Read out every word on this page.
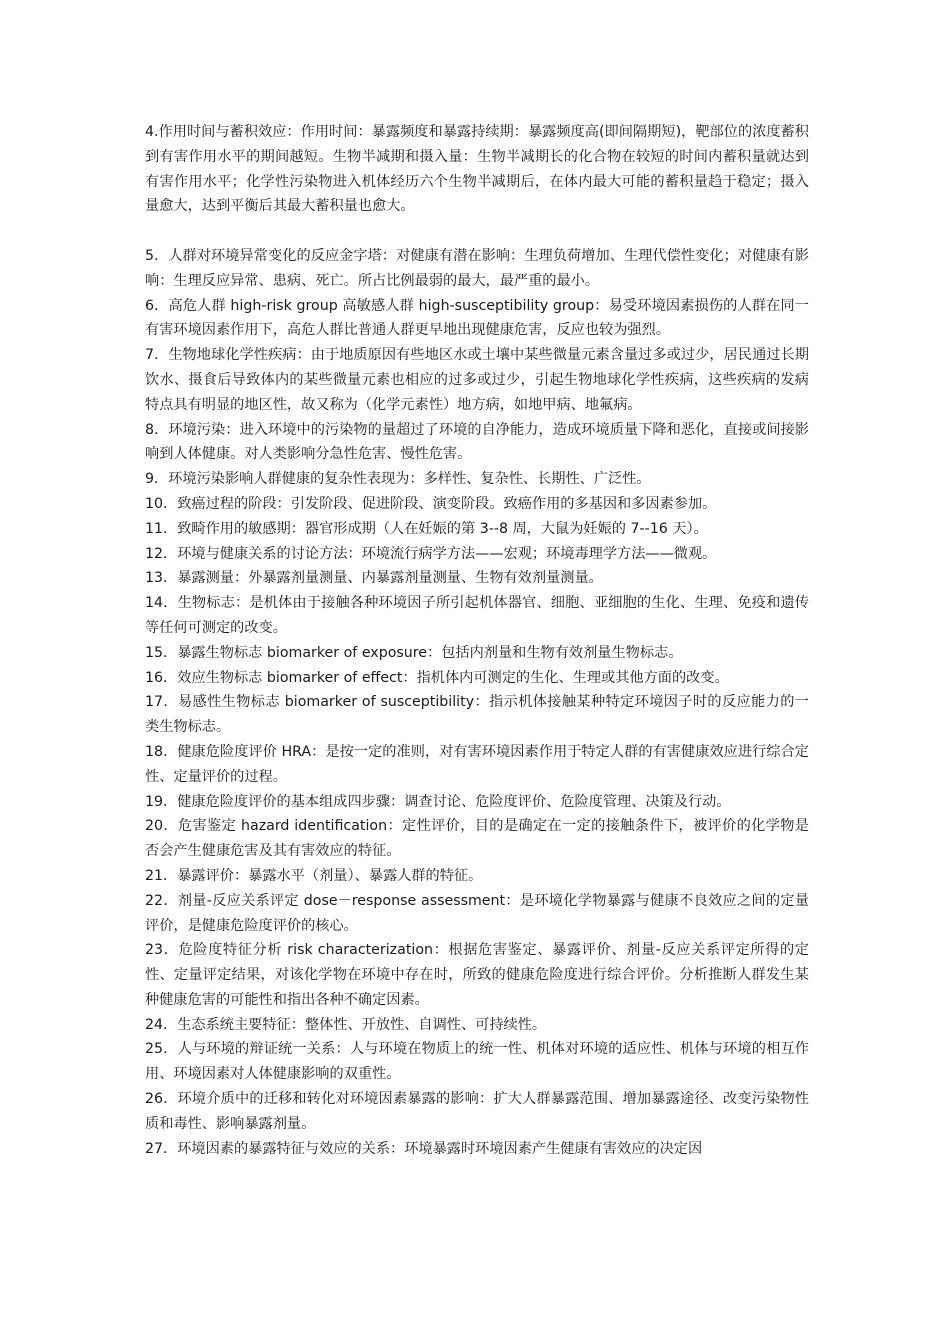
4.作用时间与蓄积效应：作用时间：暴露频度和暴露持续期：暴露频度高(即间隔期短)，靶部位的浓度蓄积到有害作用水平的期间越短。生物半减期和摄入量：生物半减期长的化合物在较短的时间内蓄积量就达到有害作用水平；化学性污染物进入机体经历六个生物半减期后，在体内最大可能的蓄积量趋于稳定；摄入量愈大，达到平衡后其最大蓄积量也愈大。

5．人群对环境异常变化的反应金字塔：对健康有潜在影响：生理负荷增加、生理代偿性变化；对健康有影响：生理反应异常、患病、死亡。所占比例最弱的最大，最严重的最小。

6．高危人群 high-risk group 高敏感人群 high-susceptibility group：易受环境因素损伤的人群在同一有害环境因素作用下，高危人群比普通人群更早地出现健康危害，反应也较为强烈。

7．生物地球化学性疾病：由于地质原因有些地区水或土壤中某些微量元素含量过多或过少，居民通过长期饮水、摄食后导致体内的某些微量元素也相应的过多或过少，引起生物地球化学性疾病，这些疾病的发病特点具有明显的地区性，故又称为（化学元素性）地方病，如地甲病、地氟病。

8．环境污染：进入环境中的污染物的量超过了环境的自净能力，造成环境质量下降和恶化，直接或间接影响到人体健康。对人类影响分急性危害、慢性危害。

9．环境污染影响人群健康的复杂性表现为：多样性、复杂性、长期性、广泛性。

10．致癌过程的阶段：引发阶段、促进阶段、演变阶段。致癌作用的多基因和多因素参加。

11．致畸作用的敏感期：器官形成期（人在妊娠的第 3--8 周，大鼠为妊娠的 7--16 天）。

12．环境与健康关系的讨论方法：环境流行病学方法——宏观；环境毒理学方法——微观。

13．暴露测量：外暴露剂量测量、内暴露剂量测量、生物有效剂量测量。

14．生物标志：是机体由于接触各种环境因子所引起机体器官、细胞、亚细胞的生化、生理、免疫和遗传等任何可测定的改变。

15．暴露生物标志 biomarker of exposure：包括内剂量和生物有效剂量生物标志。

16．效应生物标志 biomarker of effect：指机体内可测定的生化、生理或其他方面的改变。

17．易感性生物标志 biomarker of susceptibility：指示机体接触某种特定环境因子时的反应能力的一类生物标志。

18．健康危险度评价 HRA：是按一定的准则，对有害环境因素作用于特定人群的有害健康效应进行综合定性、定量评价的过程。

19．健康危险度评价的基本组成四步骤：调查讨论、危险度评价、危险度管理、决策及行动。

20．危害鉴定 hazard identification：定性评价，目的是确定在一定的接触条件下，被评价的化学物是否会产生健康危害及其有害效应的特征。

21．暴露评价：暴露水平（剂量）、暴露人群的特征。

22．剂量-反应关系评定 dose－response assessment：是环境化学物暴露与健康不良效应之间的定量评价，是健康危险度评价的核心。

23．危险度特征分析 risk characterization：根据危害鉴定、暴露评价、剂量-反应关系评定所得的定性、定量评定结果，对该化学物在环境中存在时，所致的健康危险度进行综合评价。分析推断人群发生某种健康危害的可能性和指出各种不确定因素。

24．生态系统主要特征：整体性、开放性、自调性、可持续性。

25．人与环境的辩证统一关系：人与环境在物质上的统一性、机体对环境的适应性、机体与环境的相互作用、环境因素对人体健康影响的双重性。

26．环境介质中的迁移和转化对环境因素暴露的影响：扩大人群暴露范围、增加暴露途径、改变污染物性质和毒性、影响暴露剂量。

27．环境因素的暴露特征与效应的关系：环境暴露时环境因素产生健康有害效应的决定因
